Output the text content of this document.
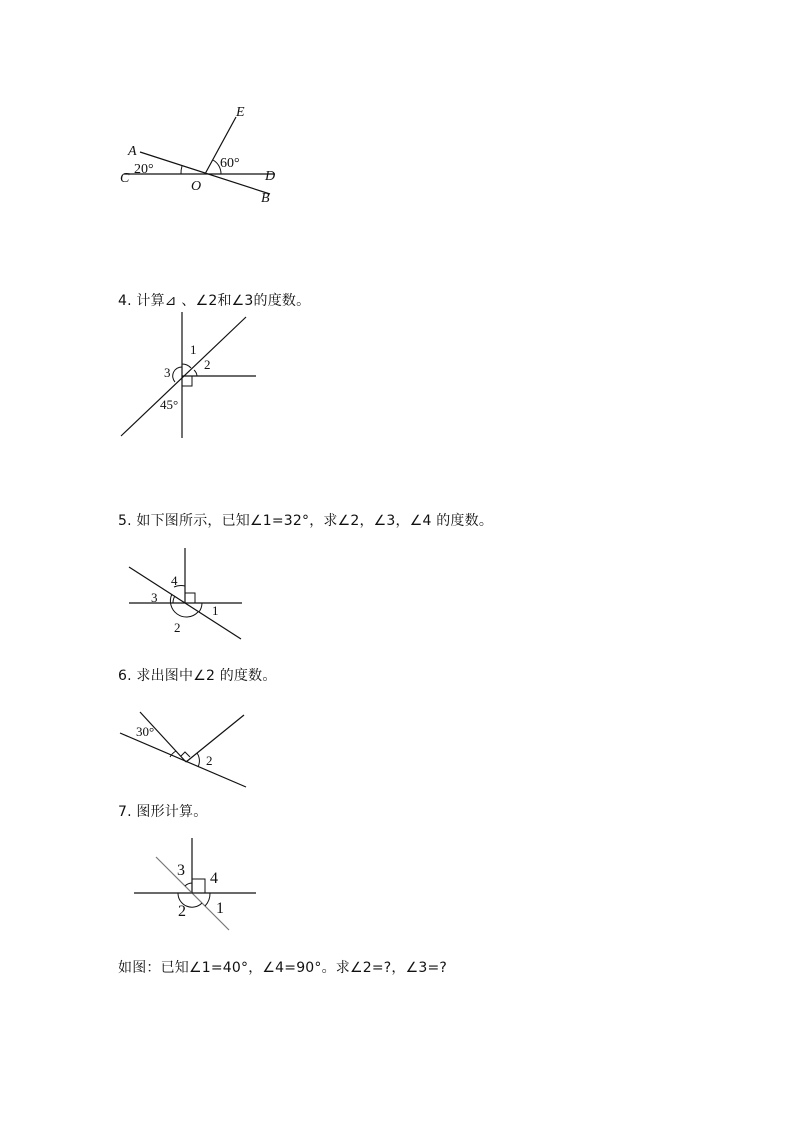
A
C
O
D
B
E
20°	60°
4. 计算⊿ 、∠2和∠3的度数。
1
2
3
45°
5. 如下图所示，已知∠1=32°，求∠2，∠3，∠4 的度数。
4
3
1
2
6. 求出图中∠2 的度数。
30°
2
7. 图形计算。
3 4
2 1
如图：已知∠1=40°，∠4=90°。求∠2=?，∠3=?
